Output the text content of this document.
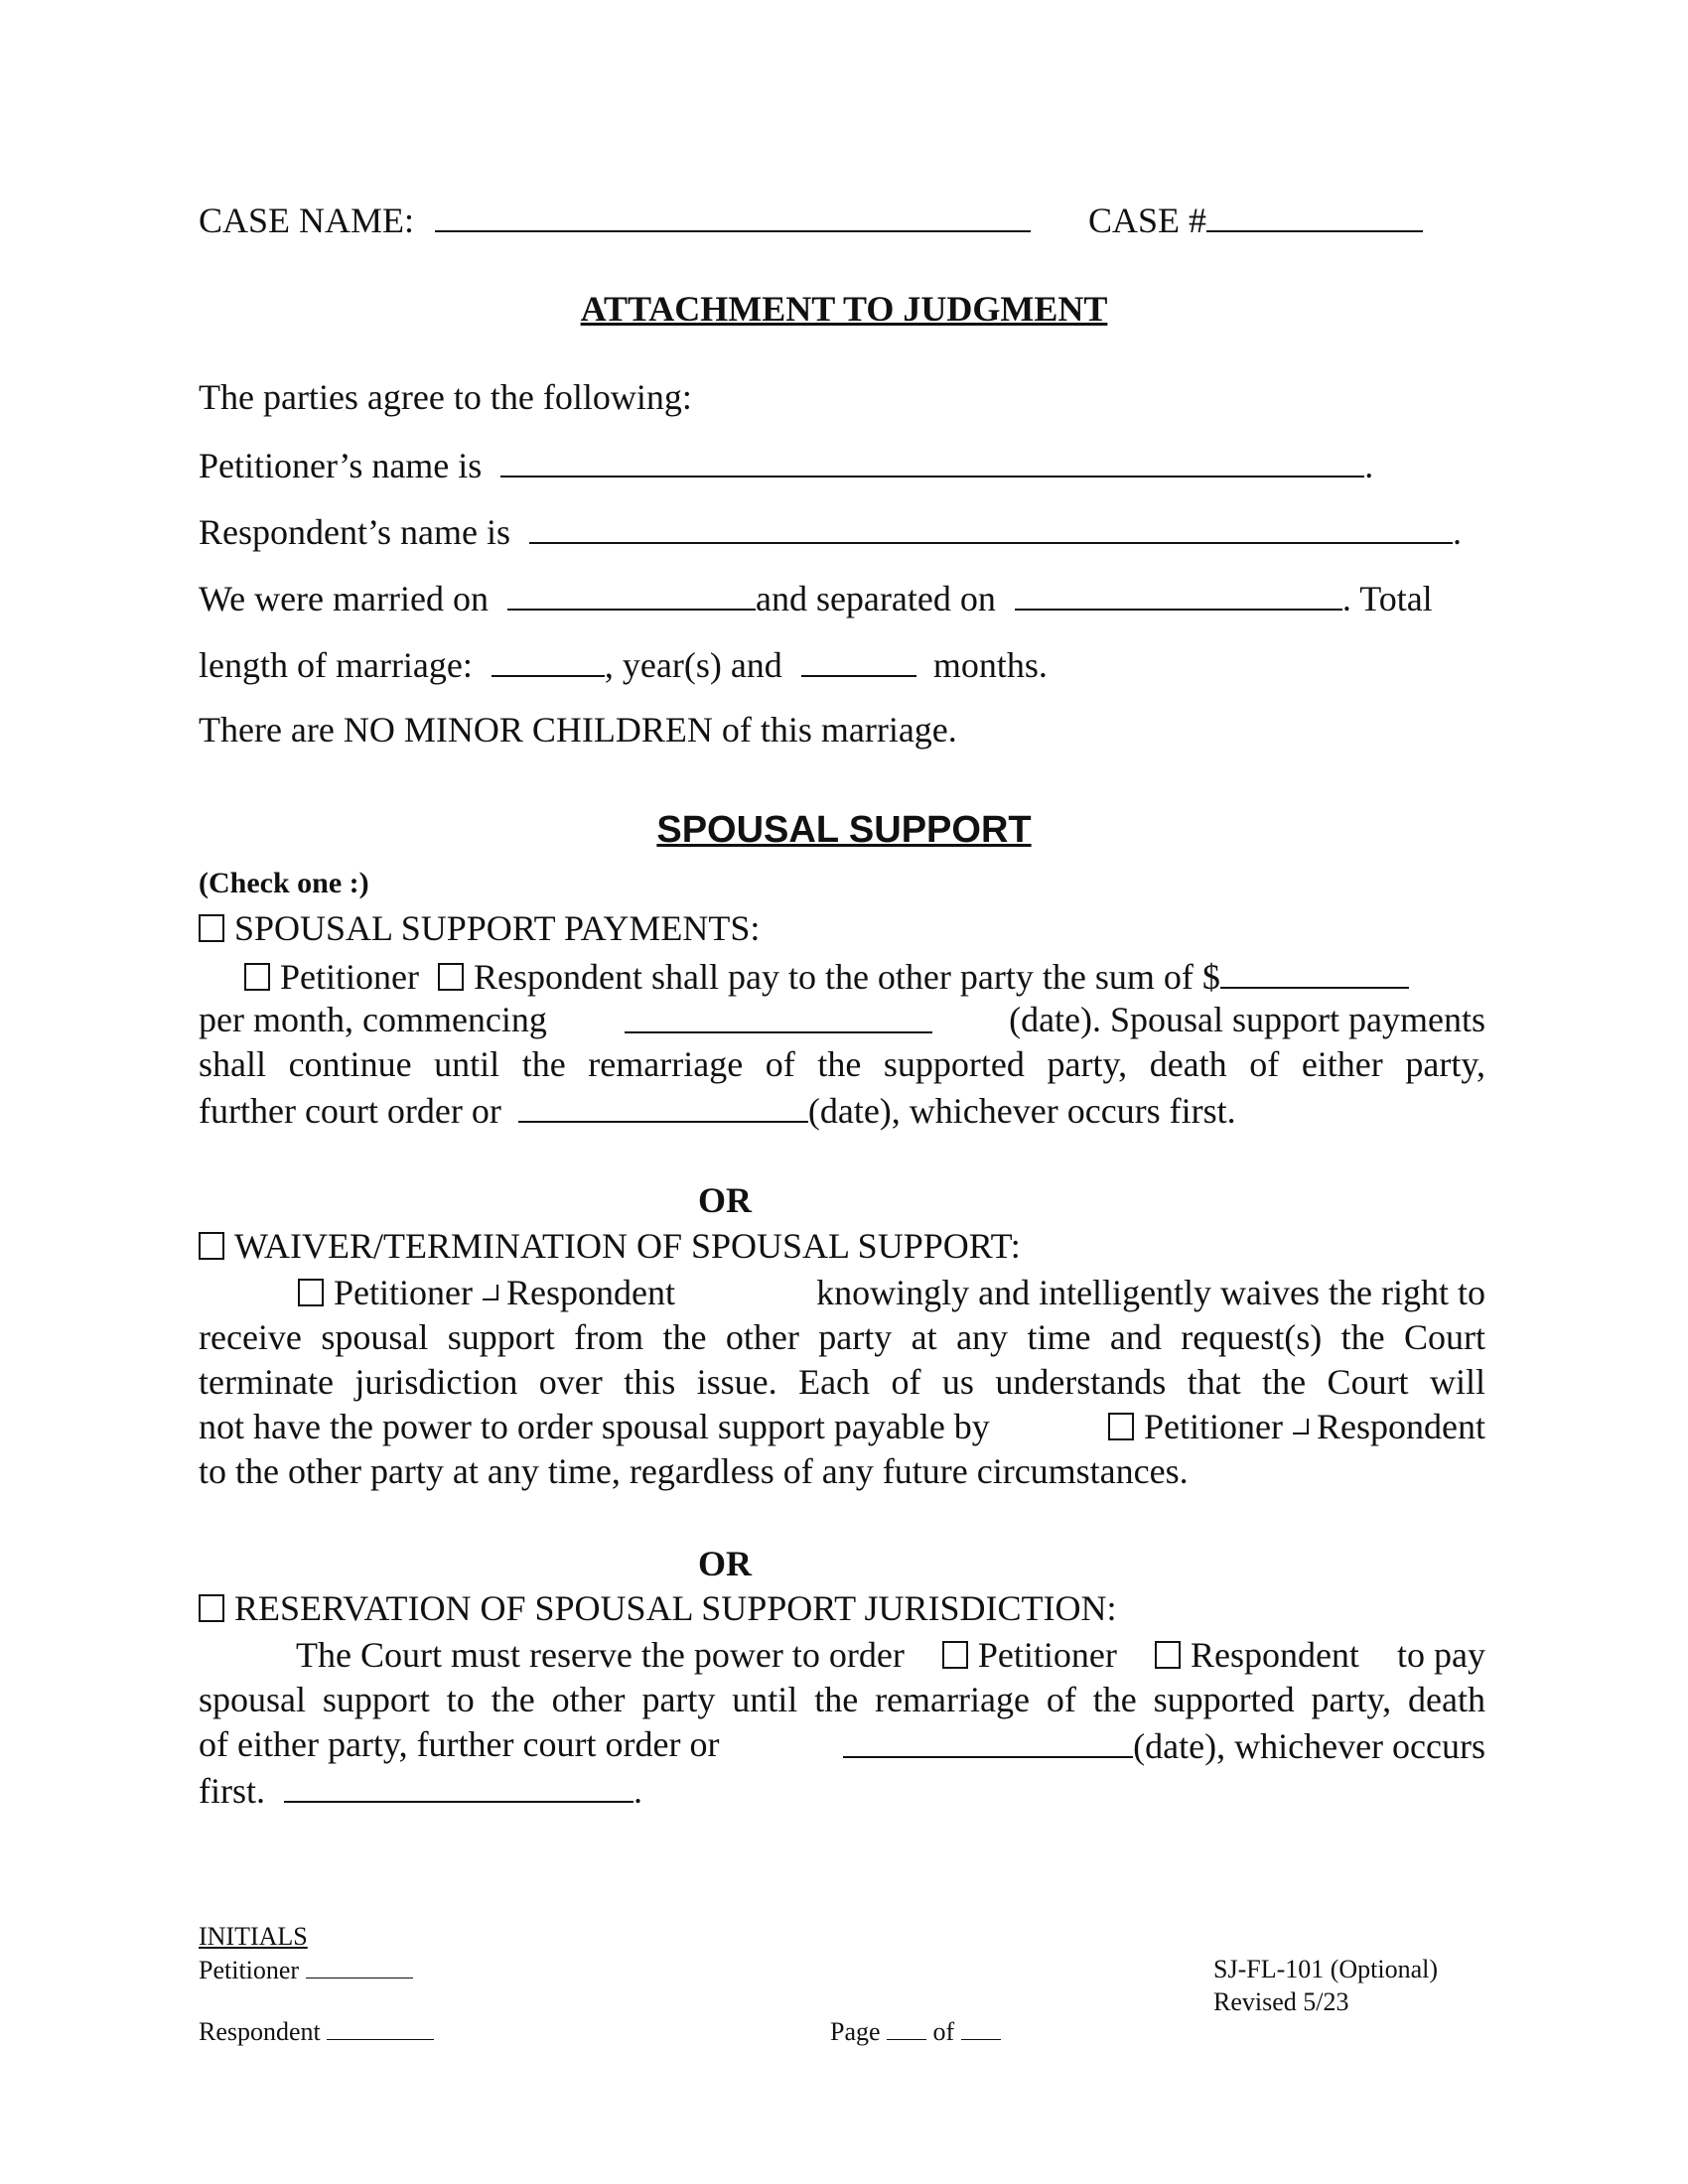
CASE NAME:	CASE #
ATTACHMENT TO JUDGMENT
The parties agree to the following:
Petitioner’s name is	.
Respondent’s name is	.
We were married on	and separated on	. Total
length of marriage:	, year(s) and	months.
There are NO MINOR CHILDREN of this marriage.
SPOUSAL SUPPORT
(Check one :)
SPOUSAL SUPPORT PAYMENTS:
Petitioner Respondent shall pay to the other party the sum of $
per month, commencing	(date). Spousal support payments
shall continue until the remarriage of the supported party, death of either party,
further court order or	(date), whichever occurs first.
OR
WAIVER/TERMINATION OF SPOUSAL SUPPORT:
Petitioner Respondent	knowingly and intelligently waives the right to
receive spousal support from the other party at any time and request(s) the Court
terminate jurisdiction over this issue. Each of us understands that the Court will
not have the power to order spousal support payable by	Petitioner Respondent
to the other party at any time, regardless of any future circumstances.
OR
RESERVATION OF SPOUSAL SUPPORT JURISDICTION:
The Court must reserve the power to order	Petitioner	Respondent to pay
spousal support to the other party until the remarriage of the supported party, death
of either party, further court order or	(date), whichever occurs
first.	.
INITIALS
Petitioner
Respondent	Page of
SJ-FL-101 (Optional)
Revised 5/23
